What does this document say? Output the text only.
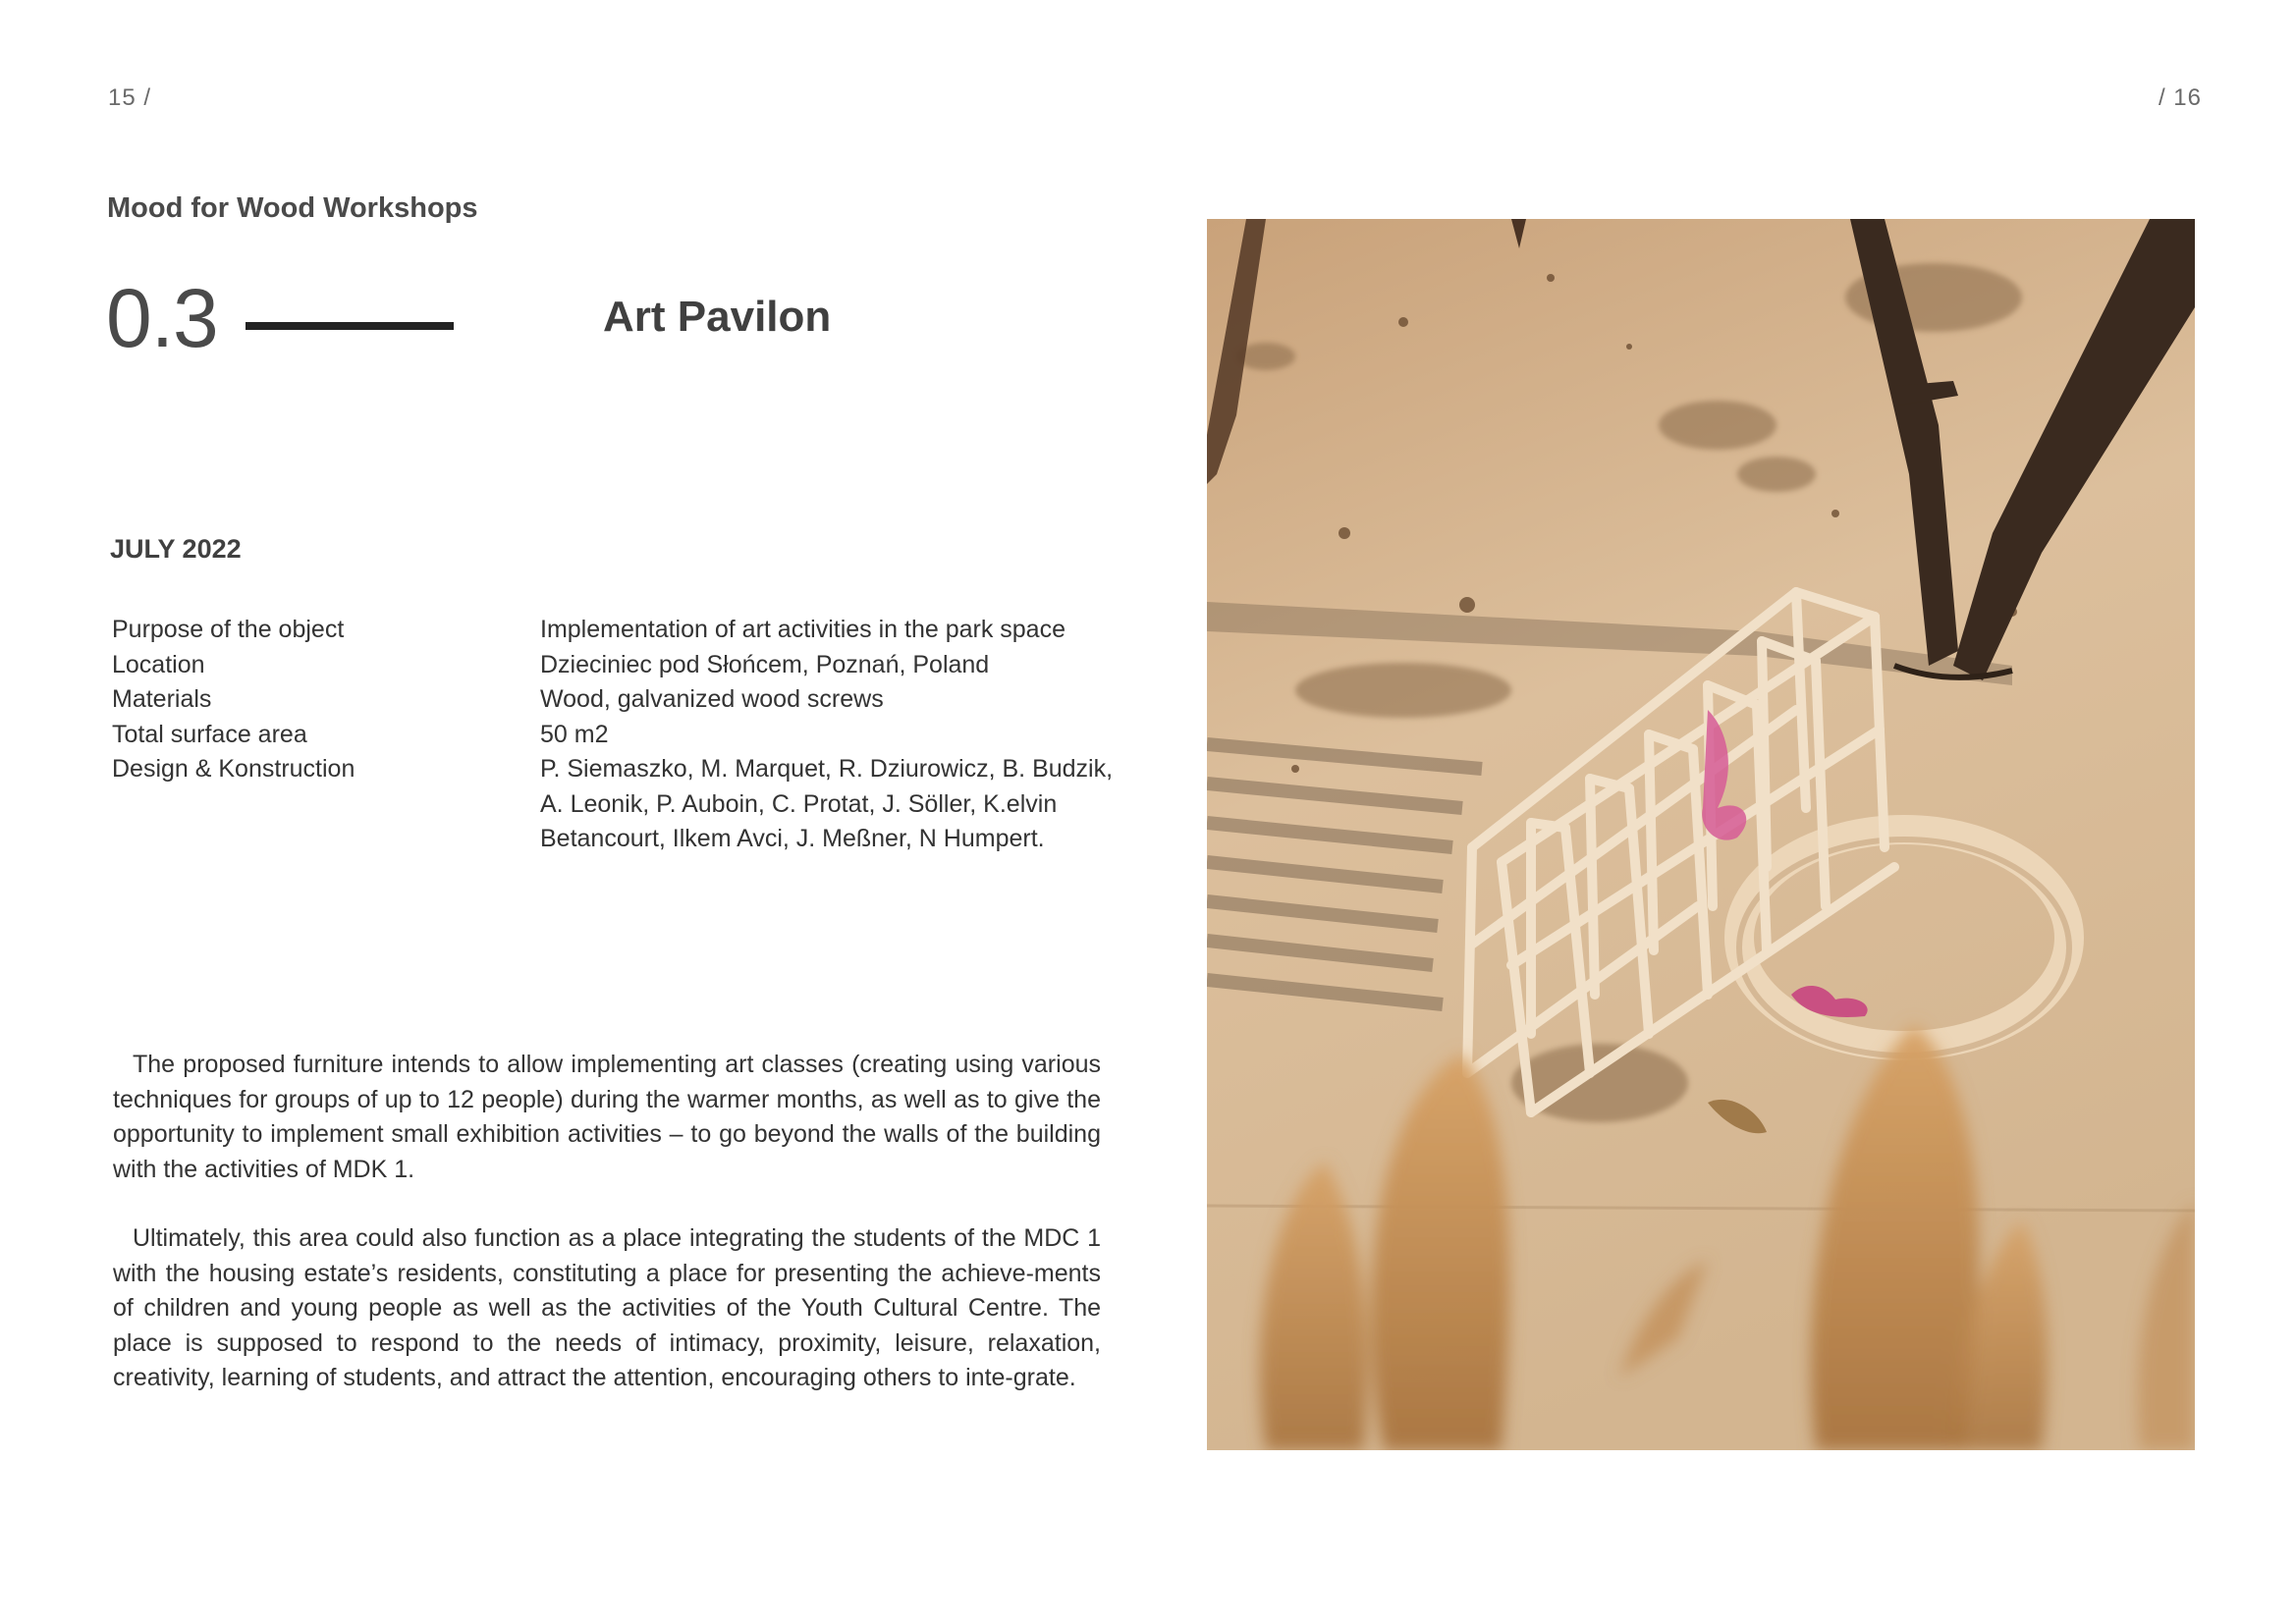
15 /	/ 16
Mood for Wood Workshops
0.3	Art Pavilon
JULY 2022
Purpose of the object	Implementation of art activities in the park space
Location	Dzieciniec pod Słońcem, Poznań, Poland
Materials	Wood, galvanized wood screws
Total surface area	50 m2
Design & Konstruction	P. Siemaszko, M. Marquet, R. Dziurowicz, B. Budzik, A. Leonik, P. Auboin, C. Protat, J. Söller, K.elvin Betancourt, Ilkem Avci, J. Meßner, N Humpert.

The proposed furniture intends to allow implementing art classes (creating using various techniques for groups of up to 12 people) during the warmer months, as well as to give the opportunity to implement small exhibition activities – to go beyond the walls of the building with the activities of MDK 1.

Ultimately, this area could also function as a place integrating the students of the MDC 1 with the housing estate’s residents, constituting a place for presenting the achieve-ments of children and young people as well as the activities of the Youth Cultural Centre. The place is supposed to respond to the needs of intimacy, proximity, leisure, relaxation, creativity, learning of students, and attract the attention, encouraging others to inte-grate.
